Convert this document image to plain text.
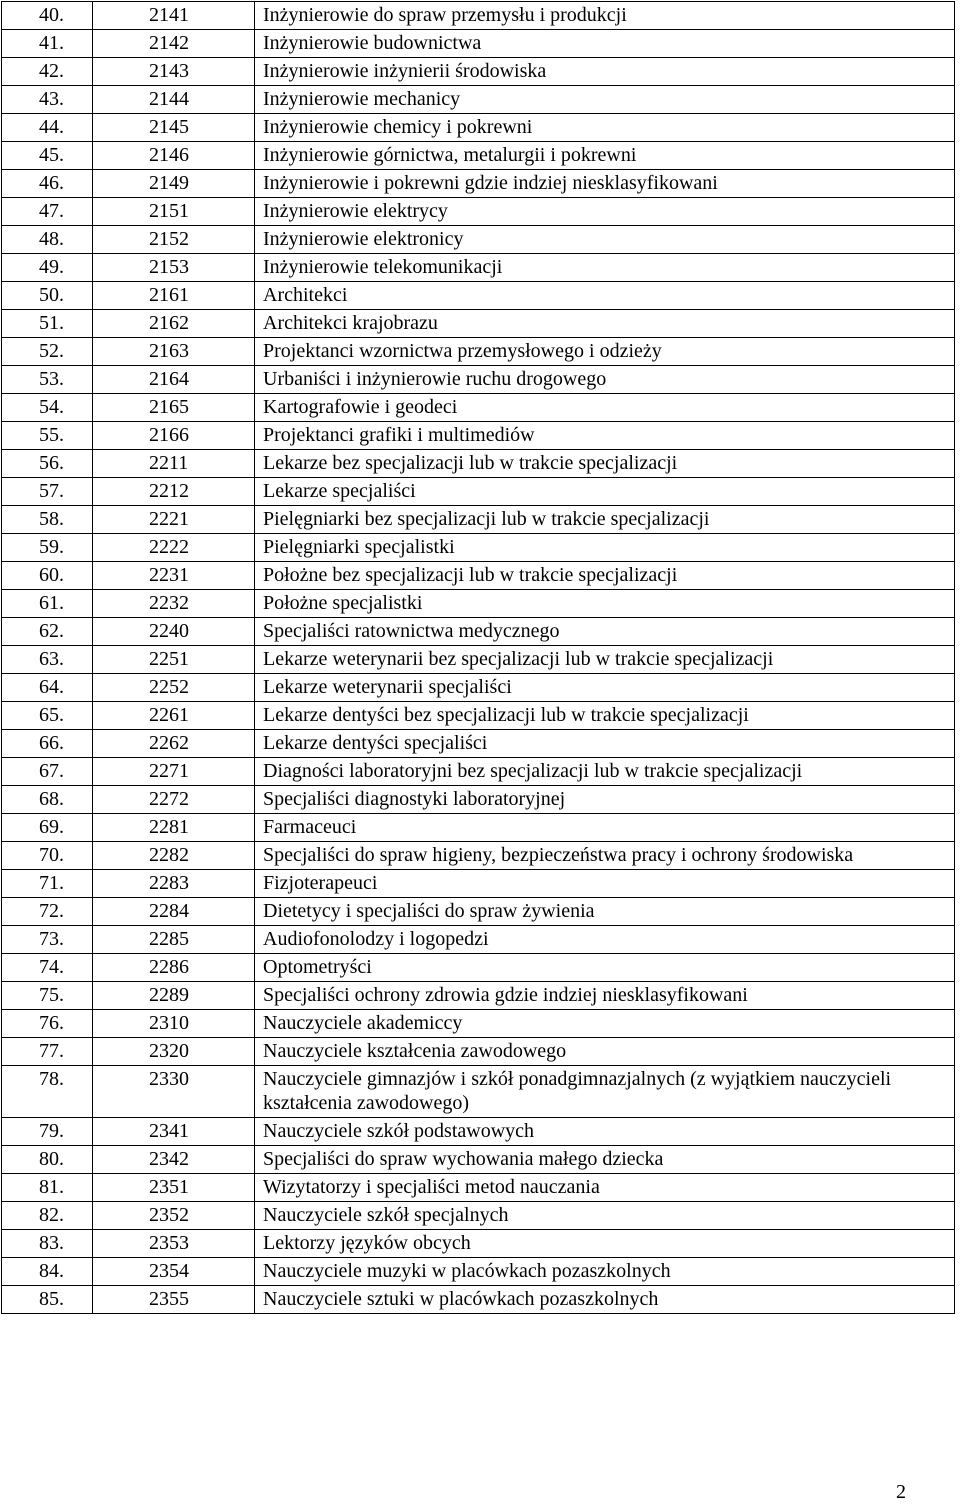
40.	2141	Inżynierowie do spraw przemysłu i produkcji
41.	2142	Inżynierowie budownictwa
42.	2143	Inżynierowie inżynierii środowiska
43.	2144	Inżynierowie mechanicy
44.	2145	Inżynierowie chemicy i pokrewni
45.	2146	Inżynierowie górnictwa, metalurgii i pokrewni
46.	2149	Inżynierowie i pokrewni gdzie indziej niesklasyfikowani
47.	2151	Inżynierowie elektrycy
48.	2152	Inżynierowie elektronicy
49.	2153	Inżynierowie telekomunikacji
50.	2161	Architekci
51.	2162	Architekci krajobrazu
52.	2163	Projektanci wzornictwa przemysłowego i odzieży
53.	2164	Urbaniści i inżynierowie ruchu drogowego
54.	2165	Kartografowie i geodeci
55.	2166	Projektanci grafiki i multimediów
56.	2211	Lekarze bez specjalizacji lub w trakcie specjalizacji
57.	2212	Lekarze specjaliści
58.	2221	Pielęgniarki bez specjalizacji lub w trakcie specjalizacji
59.	2222	Pielęgniarki specjalistki
60.	2231	Położne bez specjalizacji lub w trakcie specjalizacji
61.	2232	Położne specjalistki
62.	2240	Specjaliści ratownictwa medycznego
63.	2251	Lekarze weterynarii bez specjalizacji lub w trakcie specjalizacji
64.	2252	Lekarze weterynarii specjaliści
65.	2261	Lekarze dentyści bez specjalizacji lub w trakcie specjalizacji
66.	2262	Lekarze dentyści specjaliści
67.	2271	Diagności laboratoryjni bez specjalizacji lub w trakcie specjalizacji
68.	2272	Specjaliści diagnostyki laboratoryjnej
69.	2281	Farmaceuci
70.	2282	Specjaliści do spraw higieny, bezpieczeństwa pracy i ochrony środowiska
71.	2283	Fizjoterapeuci
72.	2284	Dietetycy i specjaliści do spraw żywienia
73.	2285	Audiofonolodzy i logopedzi
74.	2286	Optometryści
75.	2289	Specjaliści ochrony zdrowia gdzie indziej niesklasyfikowani
76.	2310	Nauczyciele akademiccy
77.	2320	Nauczyciele kształcenia zawodowego
78.	2330	Nauczyciele gimnazjów i szkół ponadgimnazjalnych (z wyjątkiem nauczycieli kształcenia zawodowego)
79.	2341	Nauczyciele szkół podstawowych
80.	2342	Specjaliści do spraw wychowania małego dziecka
81.	2351	Wizytatorzy i specjaliści metod nauczania
82.	2352	Nauczyciele szkół specjalnych
83.	2353	Lektorzy języków obcych
84.	2354	Nauczyciele muzyki w placówkach pozaszkolnych
85.	2355	Nauczyciele sztuki w placówkach pozaszkolnych
2
